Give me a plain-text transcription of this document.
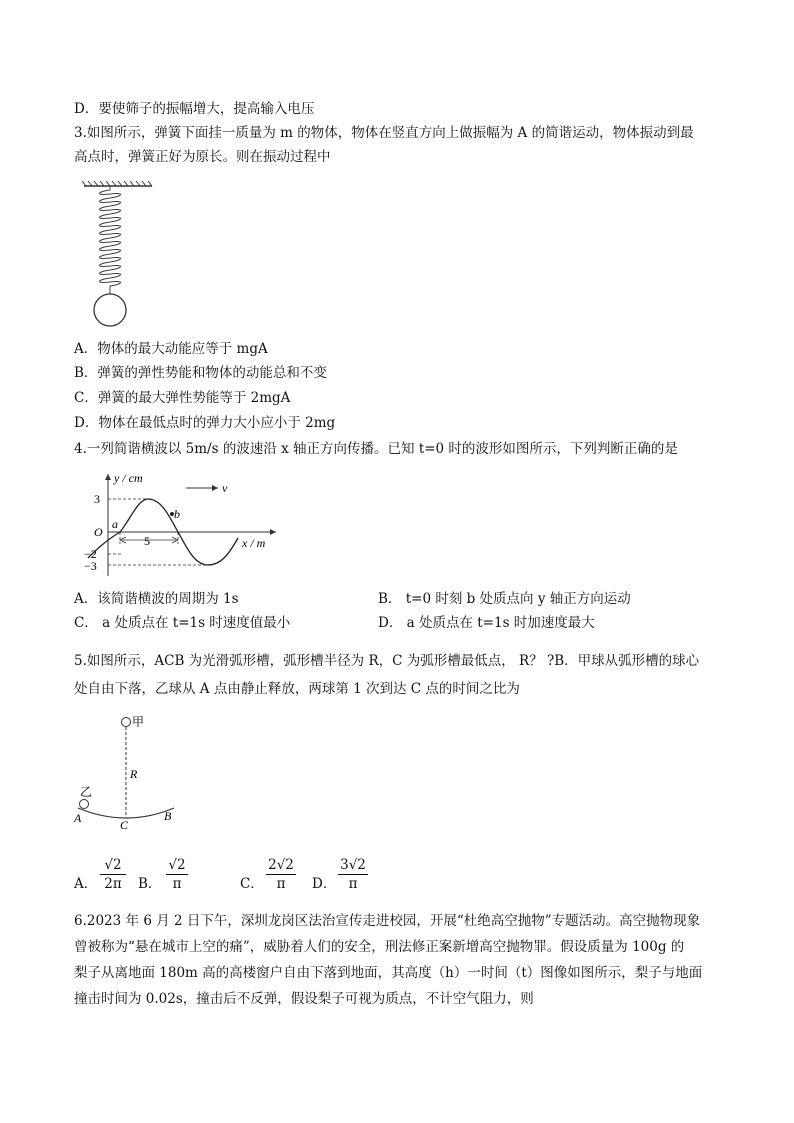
D．要使筛子的振幅增大，提高输入电压
3.如图所示，弹簧下面挂一质量为 m 的物体，物体在竖直方向上做振幅为 A 的简谐运动，物体振动到最
高点时，弹簧正好为原长。则在振动过程中
A．物体的最大动能应等于 mgA
B．弹簧的弹性势能和物体的动能总和不变
C．弹簧的最大弹性势能等于 2mgA
D．物体在最低点时的弹力大小应小于 2mg
4.一列简谐横波以 5m/s 的波速沿 x 轴正方向传播。已知 t=0 时的波形如图所示，下列判断正确的是
y / cm
x / m
v
3
O
−2
−3
a
b
5
A．该简谐横波的周期为 1s	B． t=0 时刻 b 处质点向 y 轴正方向运动
C． a 处质点在 t=1s 时速度值最小	D． a 处质点在 t=1s 时加速度最大
5.如图所示，ACB 为光滑弧形槽，弧形槽半径为 R，C 为弧形槽最低点， R？ ?B．甲球从弧形槽的球心
处自由下落，乙球从 A 点由静止释放，两球第 1 次到达 C 点的时间之比为
甲
乙
R
A	C
B
A．
√2
2π	B．
√2
π	C．
2√2
π	D．
3√2
π
6.2023 年 6 月 2 日下午，深圳龙岗区法治宣传走进校园，开展“杜绝高空抛物”专题活动。高空抛物现象
曾被称为“悬在城市上空的痛”，威胁着人们的安全，刑法修正案新增高空抛物罪。假设质量为 100g 的
梨子从离地面 180m 高的高楼窗户自由下落到地面，其高度（h）一时间（t）图像如图所示，梨子与地面
撞击时间为 0.02s，撞击后不反弹，假设梨子可视为质点，不计空气阻力，则
